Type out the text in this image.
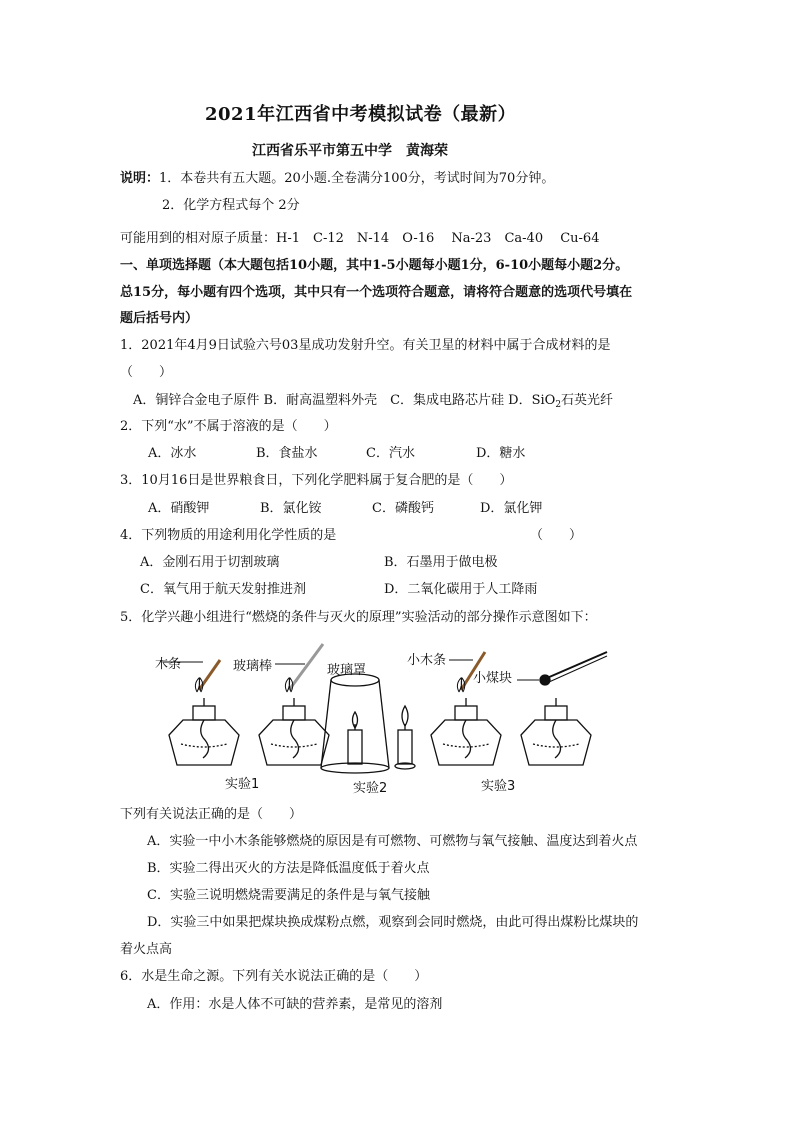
2021年江西省中考模拟试卷（最新）
江西省乐平市第五中学　黄海荣
说明：1．本卷共有五大题。20小题.全卷满分100分，考试时间为70分钟。
2．化学方程式每个 2分
可能用到的相对原子质量：H-1　C-12　N-14　O-16　 Na-23　Ca-40　 Cu-64
一、单项选择题（本大题包括10小题，其中1-5小题每小题1分，6-10小题每小题2分。
总15分，每小题有四个选项，其中只有一个选项符合题意，请将符合题意的选项代号填在
题后括号内）
1．2021年4月9日试验六号03星成功发射升空。有关卫星的材料中属于合成材料的是
（　　）
A．铜锌合金电子原件 B．耐高温塑料外壳　C．集成电路芯片硅 D．SiO$_2$石英光纤
2．下列“水”不属于溶液的是（　　）
A．冰水	B．食盐水	C．汽水	D．糖水
3．10月16日是世界粮食日，下列化学肥料属于复合肥的是（　　）
A．硝酸钾	B．氯化铵	C．磷酸钙	D．氯化钾
4．下列物质的用途利用化学性质的是	（　　）
A．金刚石用于切割玻璃	B．石墨用于做电极
C．氧气用于航天发射推进剂	D．二氧化碳用于人工降雨
5．化学兴趣小组进行“燃烧的条件与灭火的原理”实验活动的部分操作示意图如下：
木条	玻璃棒	玻璃罩
小木条
小煤块
实验1	实验2	实验3
下列有关说法正确的是（　　）
A．实验一中小木条能够燃烧的原因是有可燃物、可燃物与氧气接触、温度达到着火点
B．实验二得出灭火的方法是降低温度低于着火点
C．实验三说明燃烧需要满足的条件是与氧气接触
D．实验三中如果把煤块换成煤粉点燃，观察到会同时燃烧，由此可得出煤粉比煤块的
着火点高
6．水是生命之源。下列有关水说法正确的是（　　）
A．作用：水是人体不可缺的营养素，是常见的溶剂
